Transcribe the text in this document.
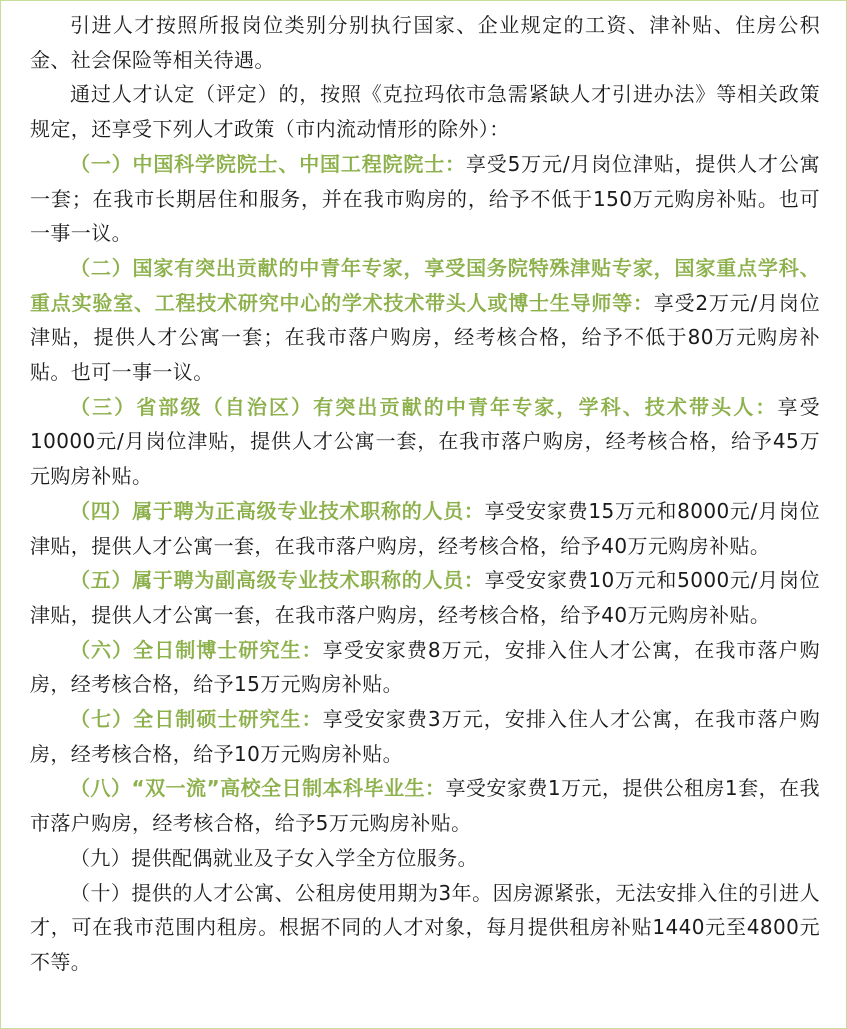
引进人才按照所报岗位类别分别执行国家、企业规定的工资、津补贴、住房公积金、社会保险等相关待遇。

通过人才认定（评定）的，按照《克拉玛依市急需紧缺人才引进办法》等相关政策规定，还享受下列人才政策（市内流动情形的除外）：

（一）中国科学院院士、中国工程院院士：享受5万元/月岗位津贴，提供人才公寓一套；在我市长期居住和服务，并在我市购房的，给予不低于150万元购房补贴。也可一事一议。

（二）国家有突出贡献的中青年专家，享受国务院特殊津贴专家，国家重点学科、重点实验室、工程技术研究中心的学术技术带头人或博士生导师等：享受2万元/月岗位津贴，提供人才公寓一套；在我市落户购房，经考核合格，给予不低于80万元购房补贴。也可一事一议。

（三）省部级（自治区）有突出贡献的中青年专家，学科、技术带头人：享受10000元/月岗位津贴，提供人才公寓一套，在我市落户购房，经考核合格，给予45万元购房补贴。

（四）属于聘为正高级专业技术职称的人员：享受安家费15万元和8000元/月岗位津贴，提供人才公寓一套，在我市落户购房，经考核合格，给予40万元购房补贴。

（五）属于聘为副高级专业技术职称的人员：享受安家费10万元和5000元/月岗位津贴，提供人才公寓一套，在我市落户购房，经考核合格，给予40万元购房补贴。

（六）全日制博士研究生：享受安家费8万元，安排入住人才公寓，在我市落户购房，经考核合格，给予15万元购房补贴。

（七）全日制硕士研究生：享受安家费3万元，安排入住人才公寓，在我市落户购房，经考核合格，给予10万元购房补贴。

（八）“双一流”高校全日制本科毕业生：享受安家费1万元，提供公租房1套，在我市落户购房，经考核合格，给予5万元购房补贴。

（九）提供配偶就业及子女入学全方位服务。

（十）提供的人才公寓、公租房使用期为3年。因房源紧张，无法安排入住的引进人才，可在我市范围内租房。根据不同的人才对象，每月提供租房补贴1440元至4800元不等。
